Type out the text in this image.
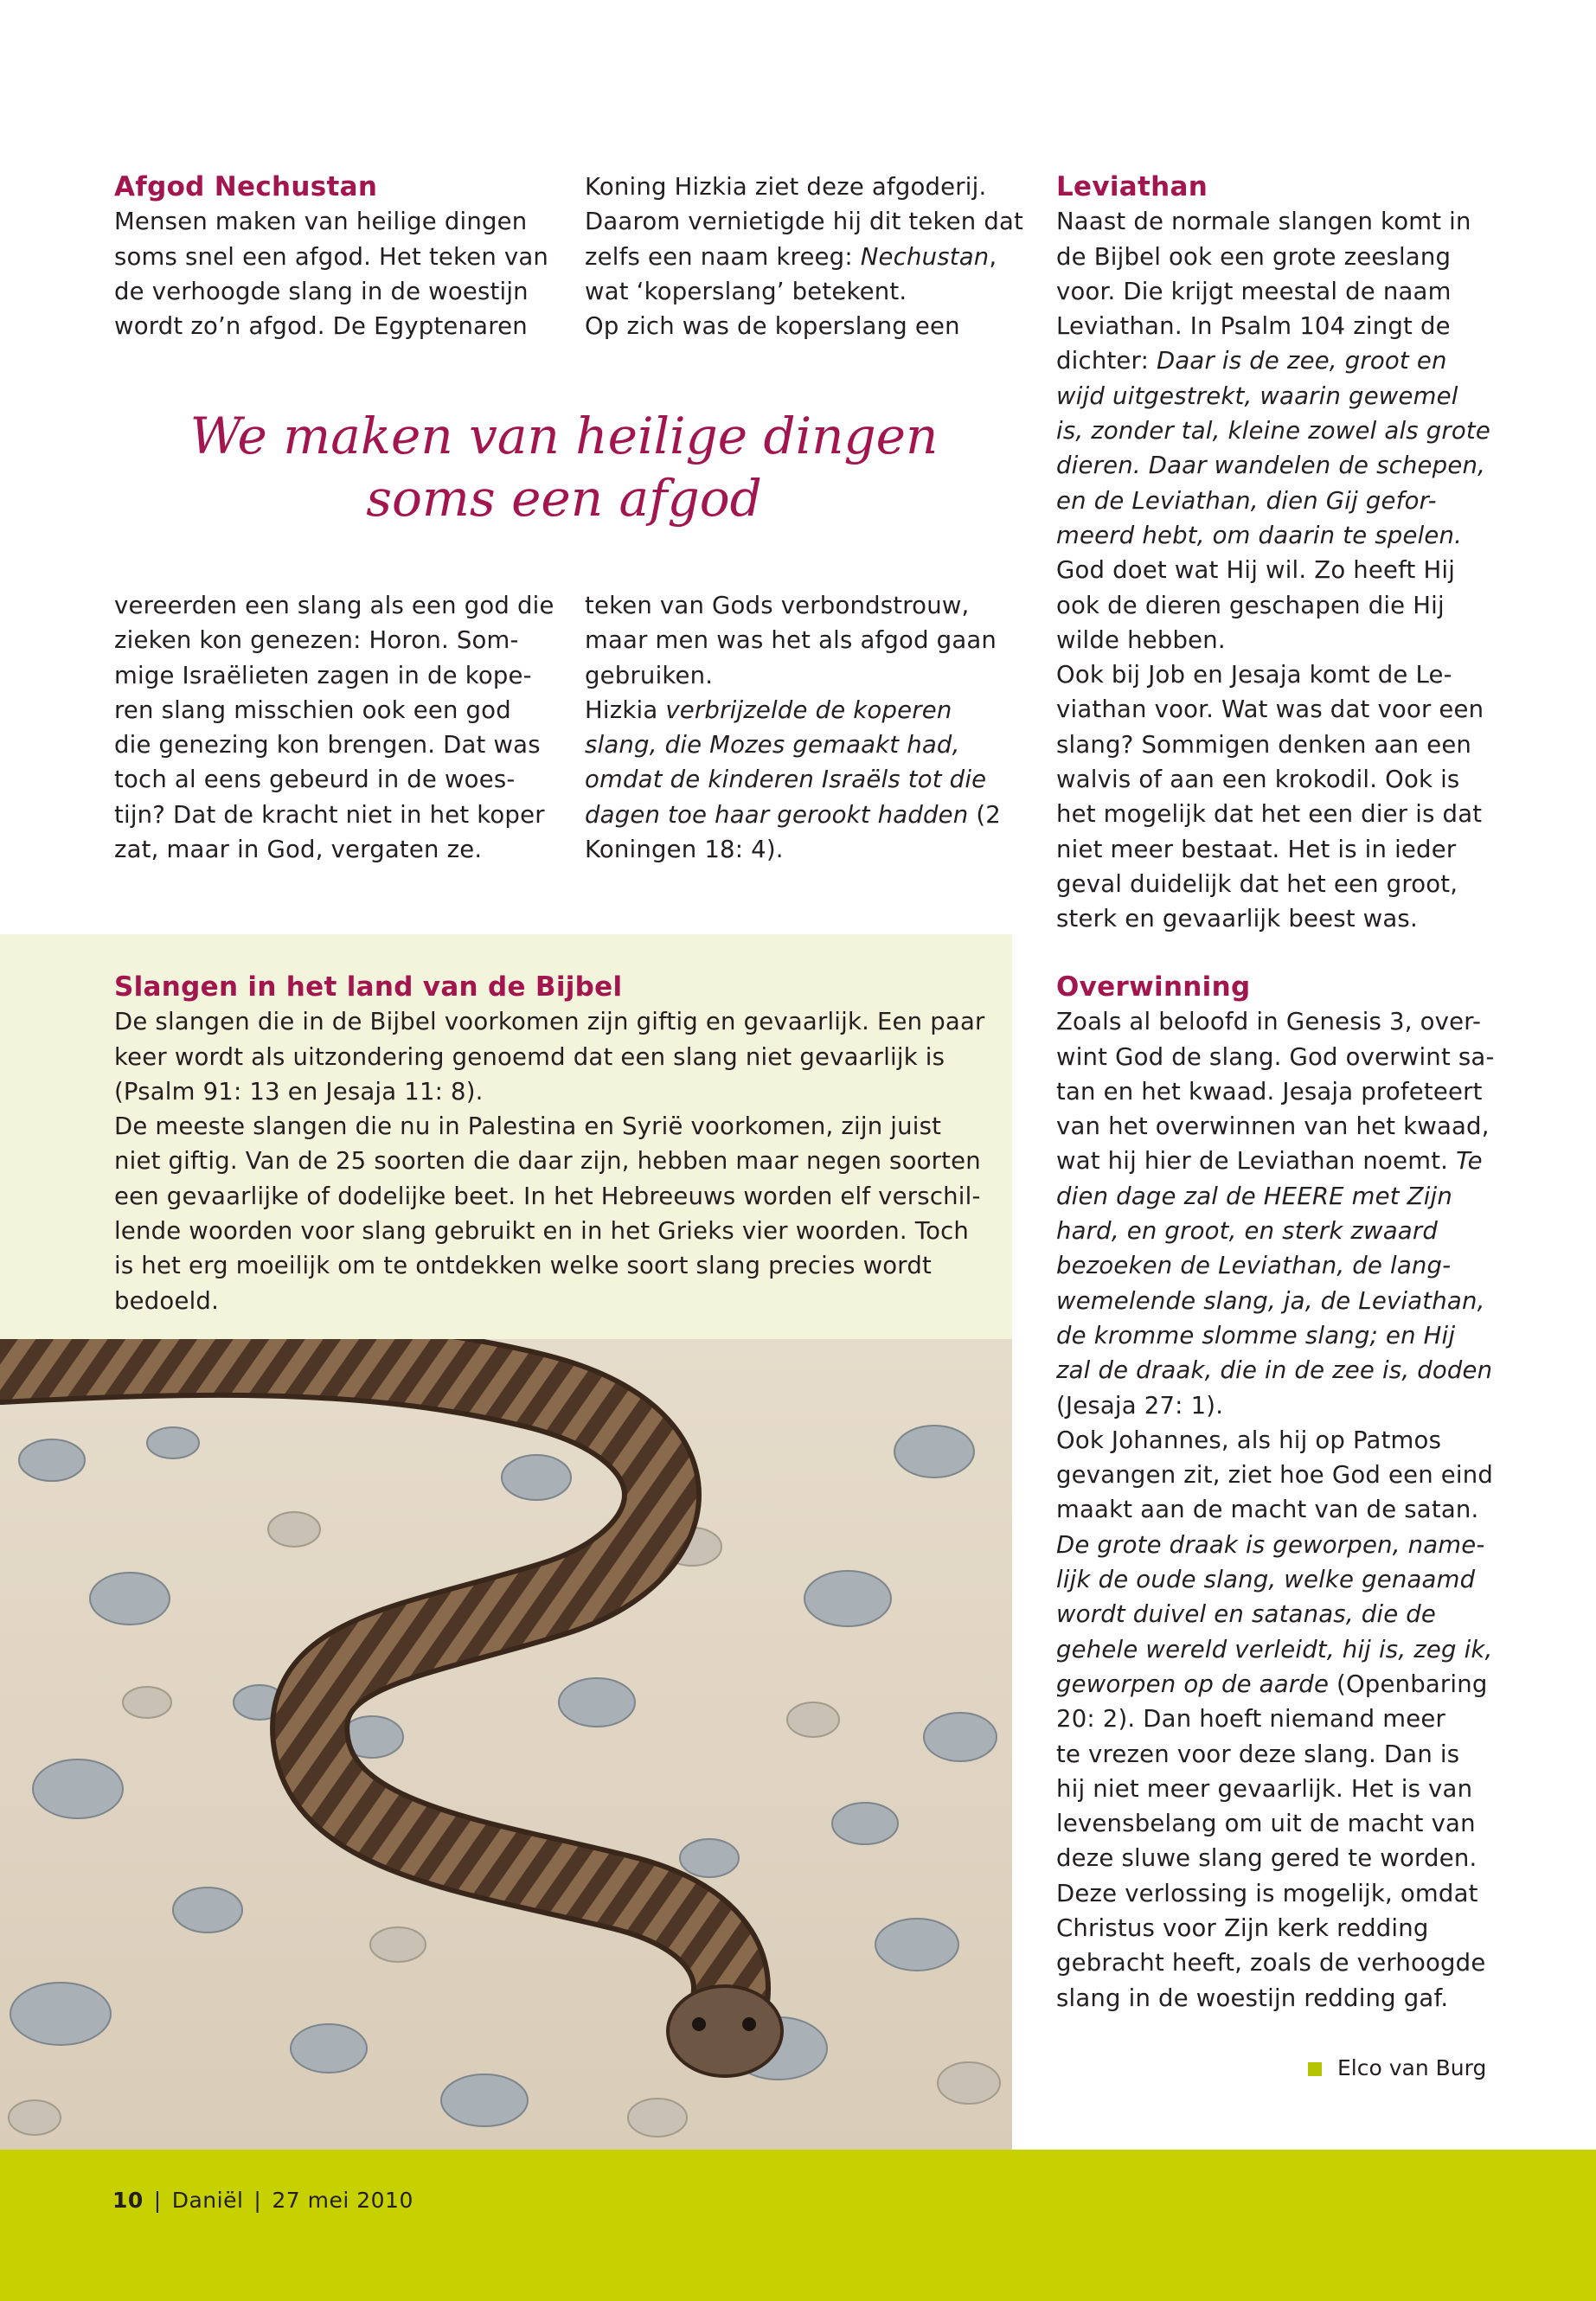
Afgod Nechustan

Mensen maken van heilige dingen

soms snel een afgod. Het teken van

de verhoogde slang in de woestijn

wordt zo’n afgod. De Egyptenaren

Koning Hizkia ziet deze afgoderij.

Daarom vernietigde hij dit teken dat

zelfs een naam kreeg: Nechustan,

wat ‘koperslang’ betekent.

Op zich was de koperslang een

We maken van heilige dingen
soms een afgod

vereerden een slang als een god die

zieken kon genezen: Horon. Som-

mige Israëlieten zagen in de kope-

ren slang misschien ook een god

die genezing kon brengen. Dat was

toch al eens gebeurd in de woes-

tijn? Dat de kracht niet in het koper

zat, maar in God, vergaten ze.

teken van Gods verbondstrouw,

maar men was het als afgod gaan

gebruiken.

Hizkia verbrijzelde de koperen

slang, die Mozes gemaakt had,

omdat de kinderen Israëls tot die

dagen toe haar gerookt hadden (2

Koningen 18: 4).

Leviathan

Naast de normale slangen komt in

de Bijbel ook een grote zeeslang

voor. Die krijgt meestal de naam

Leviathan. In Psalm 104 zingt de

dichter: Daar is de zee, groot en

wijd uitgestrekt, waarin gewemel

is, zonder tal, kleine zowel als grote

dieren. Daar wandelen de schepen,

en de Leviathan, dien Gij gefor-

meerd hebt, om daarin te spelen.

God doet wat Hij wil. Zo heeft Hij

ook de dieren geschapen die Hij

wilde hebben.

Ook bij Job en Jesaja komt de Le-

viathan voor. Wat was dat voor een

slang? Sommigen denken aan een

walvis of aan een krokodil. Ook is

het mogelijk dat het een dier is dat

niet meer bestaat. Het is in ieder

geval duidelijk dat het een groot,

sterk en gevaarlijk beest was.

Slangen in het land van de Bijbel

De slangen die in de Bijbel voorkomen zijn giftig en gevaarlijk. Een paar

keer wordt als uitzondering genoemd dat een slang niet gevaarlijk is

(Psalm 91: 13 en Jesaja 11: 8).

De meeste slangen die nu in Palestina en Syrië voorkomen, zijn juist

niet giftig. Van de 25 soorten die daar zijn, hebben maar negen soorten

een gevaarlijke of dodelijke beet. In het Hebreeuws worden elf verschil-

lende woorden voor slang gebruikt en in het Grieks vier woorden. Toch

is het erg moeilijk om te ontdekken welke soort slang precies wordt

bedoeld.

Overwinning

Zoals al beloofd in Genesis 3, over-

wint God de slang. God overwint sa-

tan en het kwaad. Jesaja profeteert

van het overwinnen van het kwaad,

wat hij hier de Leviathan noemt. Te

dien dage zal de HEERE met Zijn

hard, en groot, en sterk zwaard

bezoeken de Leviathan, de lang-

wemelende slang, ja, de Leviathan,

de kromme slomme slang; en Hij

zal de draak, die in de zee is, doden

(Jesaja 27: 1).

Ook Johannes, als hij op Patmos

gevangen zit, ziet hoe God een eind

maakt aan de macht van de satan.

De grote draak is geworpen, name-

lijk de oude slang, welke genaamd

wordt duivel en satanas, die de

gehele wereld verleidt, hij is, zeg ik,

geworpen op de aarde (Openbaring

20: 2). Dan hoeft niemand meer

te vrezen voor deze slang. Dan is

hij niet meer gevaarlijk. Het is van

levensbelang om uit de macht van

deze sluwe slang gered te worden.

Deze verlossing is mogelijk, omdat

Christus voor Zijn kerk redding

gebracht heeft, zoals de verhoogde

slang in de woestijn redding gaf.

Elco van Burg
10 | Daniël | 27 mei 2010
